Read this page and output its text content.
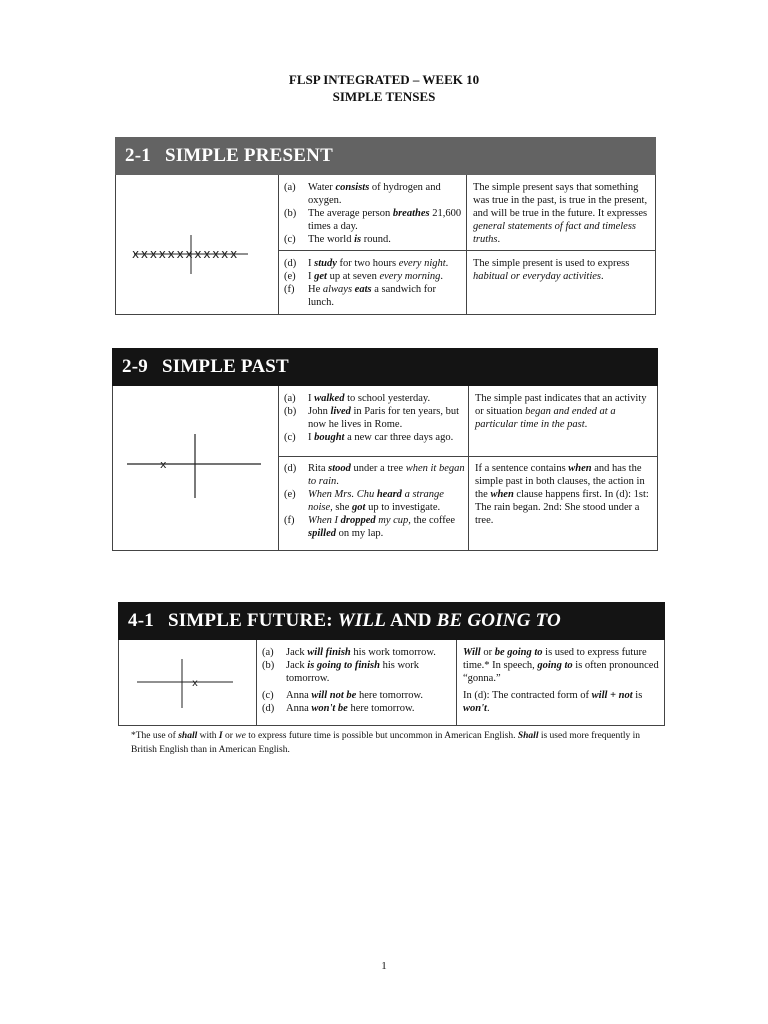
FLSP INTEGRATED – WEEK 10
SIMPLE TENSES
2-1 SIMPLE PRESENT
x x x x x x x x x x x x
(a) Water consists of hydrogen and oxygen.
(b) The average person breathes 21,600 times a day.
(c) The world is round.
The simple present says that something was true in the past, is true in the present, and will be true in the future. It expresses general statements of fact and timeless truths.
(d) I study for two hours every night.
(e) I get up at seven every morning.
(f) He always eats a sandwich for lunch.
The simple present is used to express habitual or everyday activities.
2-9 SIMPLE PAST
x
(a) I walked to school yesterday.
(b) John lived in Paris for ten years, but now he lives in Rome.
(c) I bought a new car three days ago.
The simple past indicates that an activity or situation began and ended at a particular time in the past.
(d) Rita stood under a tree when it began to rain.
(e) When Mrs. Chu heard a strange noise, she got up to investigate.
(f) When I dropped my cup, the coffee spilled on my lap.
If a sentence contains when and has the simple past in both clauses, the action in the when clause happens first. In (d): 1st: The rain began. 2nd: She stood under a tree.
4-1 SIMPLE FUTURE: WILL AND BE GOING TO
x
(a) Jack will finish his work tomorrow.
(b) Jack is going to finish his work tomorrow.
(c) Anna will not be here tomorrow.
(d) Anna won't be here tomorrow.
Will or be going to is used to express future time.* In speech, going to is often pronounced “gonna.”
In (d): The contracted form of will + not is won't.
*The use of shall with I or we to express future time is possible but uncommon in American English. Shall is used more frequently in British English than in American English.
1
